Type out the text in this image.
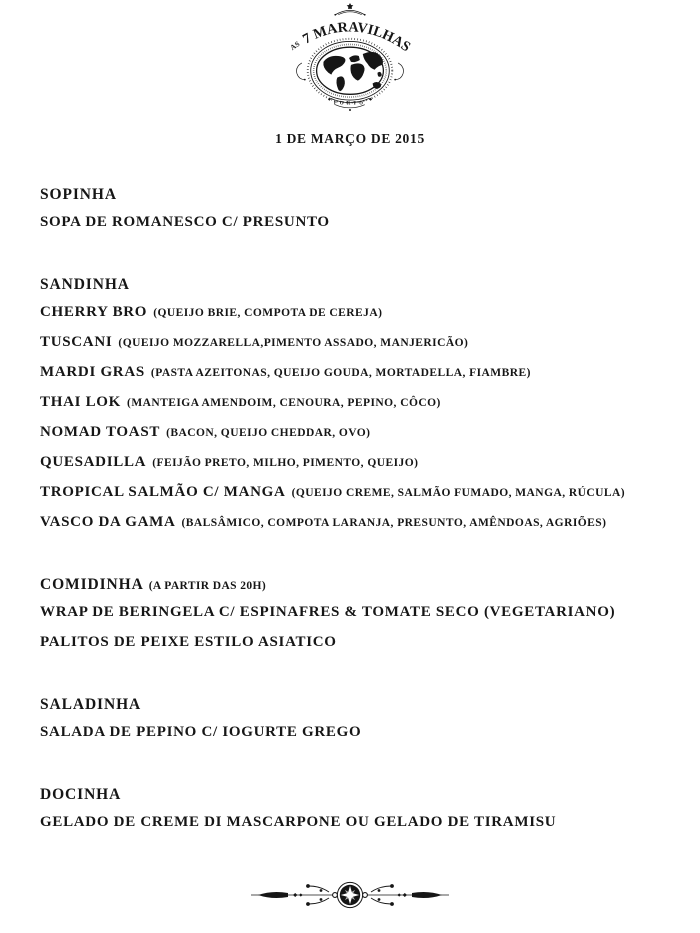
AS 7 MARAVILHAS
PORTO
1 DE MARÇO DE 2015
SOPINHA
SOPA DE ROMANESCO C/ PRESUNTO
SANDINHA
CHERRY BRO (QUEIJO BRIE, COMPOTA DE CEREJA)
TUSCANI (QUEIJO MOZZARELLA,PIMENTO ASSADO, MANJERICÃO)
MARDI GRAS (PASTA AZEITONAS, QUEIJO GOUDA, MORTADELLA, FIAMBRE)
THAI LOK (MANTEIGA AMENDOIM, CENOURA, PEPINO, CÔCO)
NOMAD TOAST (BACON, QUEIJO CHEDDAR, OVO)
QUESADILLA (FEIJÃO PRETO, MILHO, PIMENTO, QUEIJO)
TROPICAL SALMÃO C/ MANGA (QUEIJO CREME, SALMÃO FUMADO, MANGA, RÚCULA)
VASCO DA GAMA (BALSÂMICO, COMPOTA LARANJA, PRESUNTO, AMÊNDOAS, AGRIÕES)
COMIDINHA (A PARTIR DAS 20H)
WRAP DE BERINGELA C/ ESPINAFRES & TOMATE SECO (VEGETARIANO)
PALITOS DE PEIXE ESTILO ASIATICO
SALADINHA
SALADA DE PEPINO C/ IOGURTE GREGO
DOCINHA
GELADO DE CREME DI MASCARPONE OU GELADO DE TIRAMISU
